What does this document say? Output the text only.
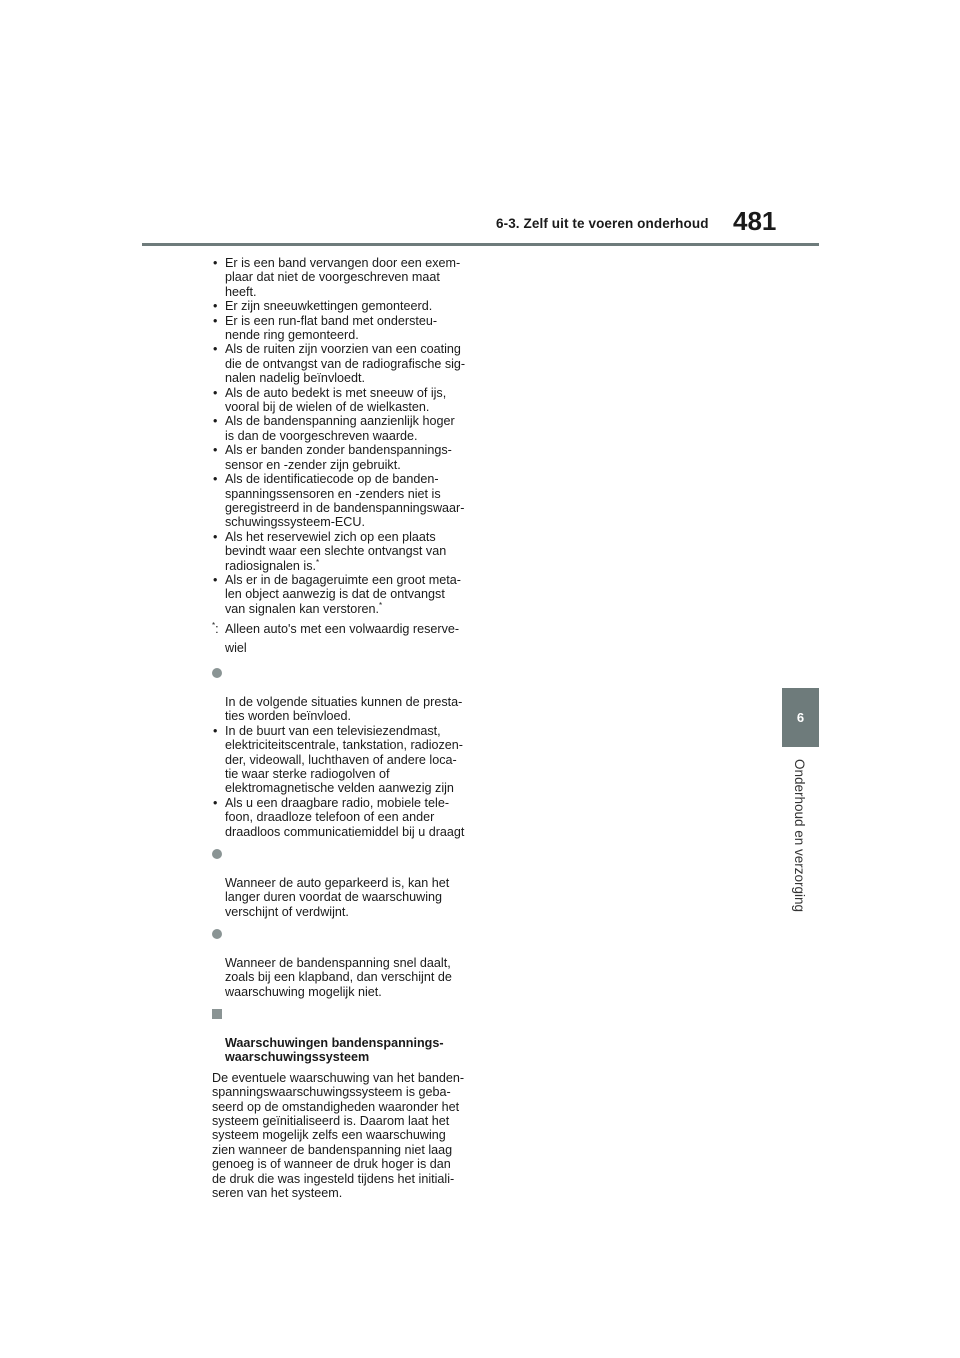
6-3. Zelf uit te voeren onderhoud 481
6
Onderhoud en verzorging
• Er is een band vervangen door een exem-
plaar dat niet de voorgeschreven maat
heeft.
• Er zijn sneeuwkettingen gemonteerd.
• Er is een run-flat band met ondersteu-
nende ring gemonteerd.
• Als de ruiten zijn voorzien van een coating
die de ontvangst van de radiografische sig-
nalen nadelig beïnvloedt.
• Als de auto bedekt is met sneeuw of ijs,
vooral bij de wielen of de wielkasten.
• Als de bandenspanning aanzienlijk hoger
is dan de voorgeschreven waarde.
• Als er banden zonder bandenspannings-
sensor en -zender zijn gebruikt.
• Als de identificatiecode op de banden-
spanningssensoren en -zenders niet is
geregistreerd in de bandenspanningswaar-
schuwingssysteem-ECU.
• Als het reservewiel zich op een plaats
bevindt waar een slechte ontvangst van
radiosignalen is.*
• Als er in de bagageruimte een groot meta-
len object aanwezig is dat de ontvangst
van signalen kan verstoren.*
*: Alleen auto's met een volwaardig reserve-
wiel

In de volgende situaties kunnen de presta-
ties worden beïnvloed.

• In de buurt van een televisiezendmast,
elektriciteitscentrale, tankstation, radiozen-
der, videowall, luchthaven of andere loca-
tie waar sterke radiogolven of
elektromagnetische velden aanwezig zijn
• Als u een draagbare radio, mobiele tele-
foon, draadloze telefoon of een ander
draadloos communicatiemiddel bij u draagt

Wanneer de auto geparkeerd is, kan het
langer duren voordat de waarschuwing
verschijnt of verdwijnt.

Wanneer de bandenspanning snel daalt,
zoals bij een klapband, dan verschijnt de
waarschuwing mogelijk niet.

Waarschuwingen bandenspannings-
waarschuwingssysteem

De eventuele waarschuwing van het banden-
spanningswaarschuwingssysteem is geba-
seerd op de omstandigheden waaronder het
systeem geïnitialiseerd is. Daarom laat het
systeem mogelijk zelfs een waarschuwing
zien wanneer de bandenspanning niet laag
genoeg is of wanneer de druk hoger is dan
de druk die was ingesteld tijdens het initiali-
seren van het systeem.
